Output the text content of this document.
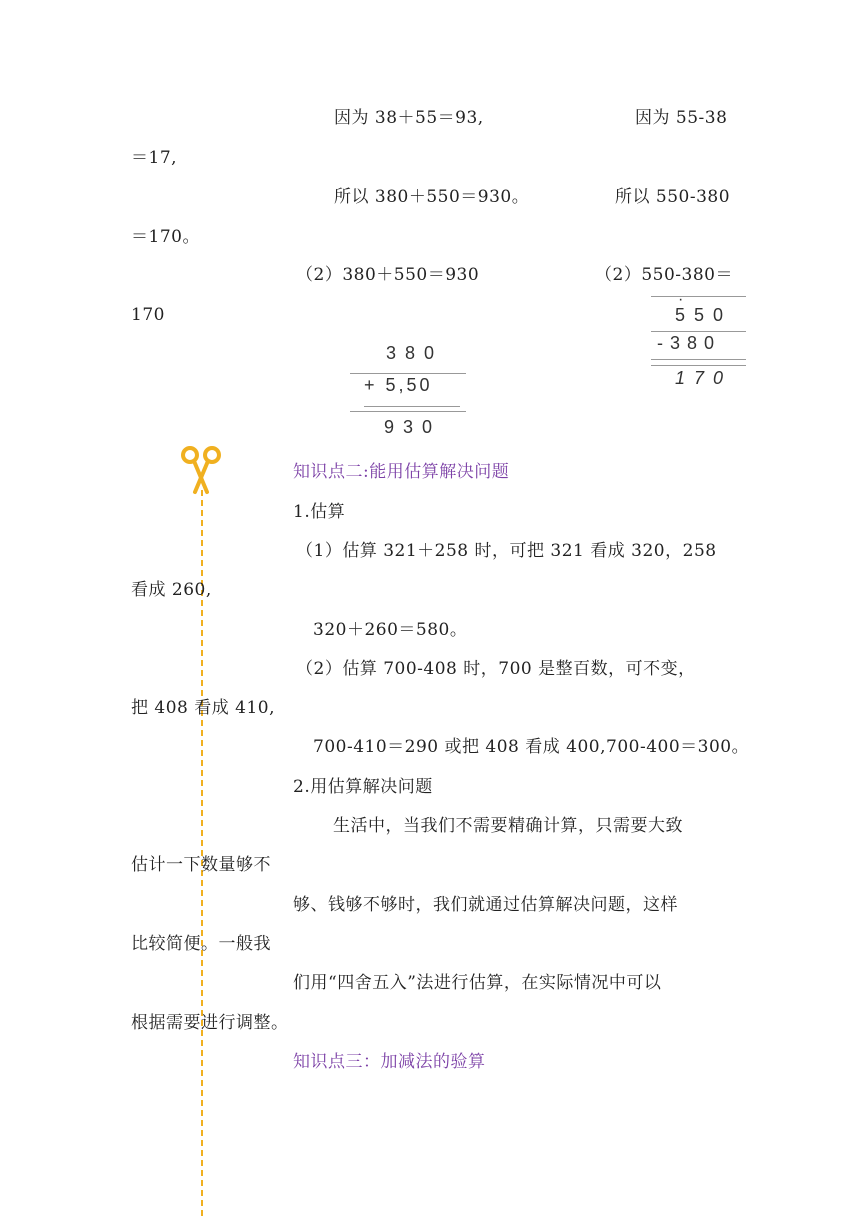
因为 38＋55＝93,	因为 55-38
＝17,
所以 380＋550＝930。	所以 550-380
＝170。
（2）380＋550＝930	（2）550-380＝
170
380
+ 5,50
930
·
550
-380
170
知识点二:能用估算解决问题
1.估算
（1）估算 321＋258 时，可把 321 看成 320，258
看成 260,
320＋260＝580。
（2）估算 700-408 时，700 是整百数，可不变，
把 408 看成 410,
700-410＝290 或把 408 看成 400,700-400＝300。
2.用估算解决问题
生活中，当我们不需要精确计算，只需要大致
估计一下数量够不
够、钱够不够时，我们就通过估算解决问题，这样
比较简便。一般我
们用“四舍五入”法进行估算，在实际情况中可以
根据需要进行调整。
知识点三：加减法的验算
